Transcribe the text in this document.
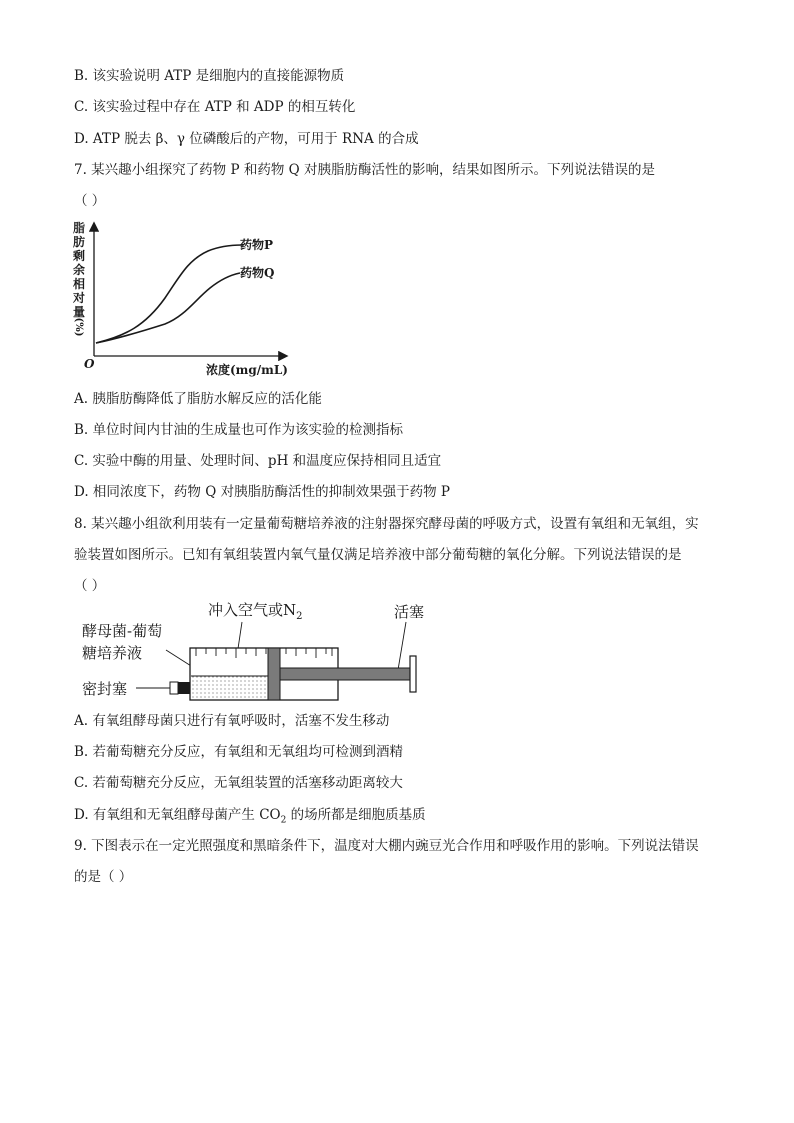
B. 该实验说明 ATP 是细胞内的直接能源物质
C. 该实验过程中存在 ATP 和 ADP 的相互转化
D. ATP 脱去 β、γ 位磷酸后的产物，可用于 RNA 的合成
7. 某兴趣小组探究了药物 P 和药物 Q 对胰脂肪酶活性的影响，结果如图所示。下列说法错误的是
（ ）
脂
肪
剩
余
相
对
量
(%)
O	浓度(mg/mL)
药物P
药物Q
A. 胰脂肪酶降低了脂肪水解反应的活化能
B. 单位时间内甘油的生成量也可作为该实验的检测指标
C. 实验中酶的用量、处理时间、pH 和温度应保持相同且适宜
D. 相同浓度下，药物 Q 对胰脂肪酶活性的抑制效果强于药物 P
8. 某兴趣小组欲利用装有一定量葡萄糖培养液的注射器探究酵母菌的呼吸方式，设置有氧组和无氧组，实
验装置如图所示。已知有氧组装置内氧气量仅满足培养液中部分葡萄糖的氧化分解。下列说法错误的是
（ ）
冲入空气或$N_2$	活塞
酵母菌-葡萄
糖培养液
密封塞
A. 有氧组酵母菌只进行有氧呼吸时，活塞不发生移动
B. 若葡萄糖充分反应，有氧组和无氧组均可检测到酒精
C. 若葡萄糖充分反应，无氧组装置的活塞移动距离较大
D. 有氧组和无氧组酵母菌产生 $CO_2$ 的场所都是细胞质基质
9. 下图表示在一定光照强度和黑暗条件下，温度对大棚内豌豆光合作用和呼吸作用的影响。下列说法错误
的是（ ）
